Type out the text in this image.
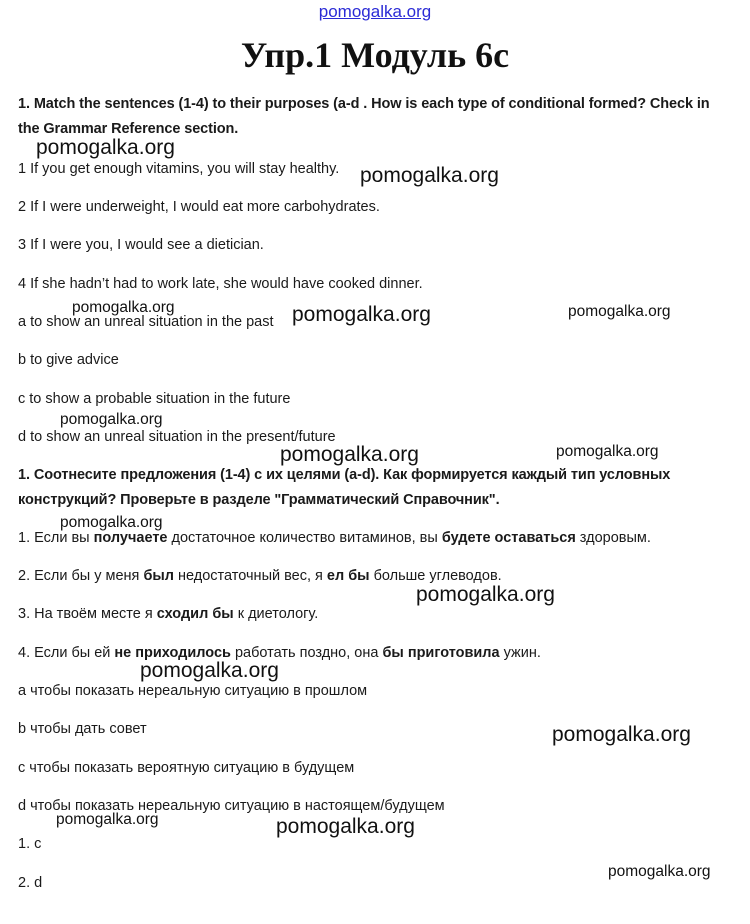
pomogalka.org
Упр.1 Модуль 6с
1. Match the sentences (1-4) to their purposes (a-d . How is each type of conditional formed? Check in the Grammar Reference section.
1 If you get enough vitamins, you will stay healthy.
2 If I were underweight, I would eat more carbohydrates.
3 If I were you, I would see a dietician.
4 If she hadn’t had to work late, she would have cooked dinner.
a to show an unreal situation in the past
b to give advice
c to show a probable situation in the future
d to show an unreal situation in the present/future
1. Соотнесите предложения (1-4) с их целями (a-d). Как формируется каждый тип условных конструкций? Проверьте в разделе "Грамматический Справочник".
1. Если вы получаете достаточное количество витаминов, вы будете оставаться здоровым.
2. Если бы у меня был недостаточный вес, я ел бы больше углеводов.
3. На твоём месте я сходил бы к диетологу.
4. Если бы ей не приходилось работать поздно, она бы приготовила ужин.
a чтобы показать нереальную ситуацию в прошлом
b чтобы дать совет
c чтобы показать вероятную ситуацию в будущем
d чтобы показать нереальную ситуацию в настоящем/будущем
1. c
2. d
pomogalka.org
pomogalka.org
pomogalka.org	pomogalka.org	pomogalka.org
pomogalka.org
pomogalka.org	pomogalka.org
pomogalka.org
pomogalka.org
pomogalka.org
pomogalka.org
pomogalka.org	pomogalka.org
pomogalka.org
